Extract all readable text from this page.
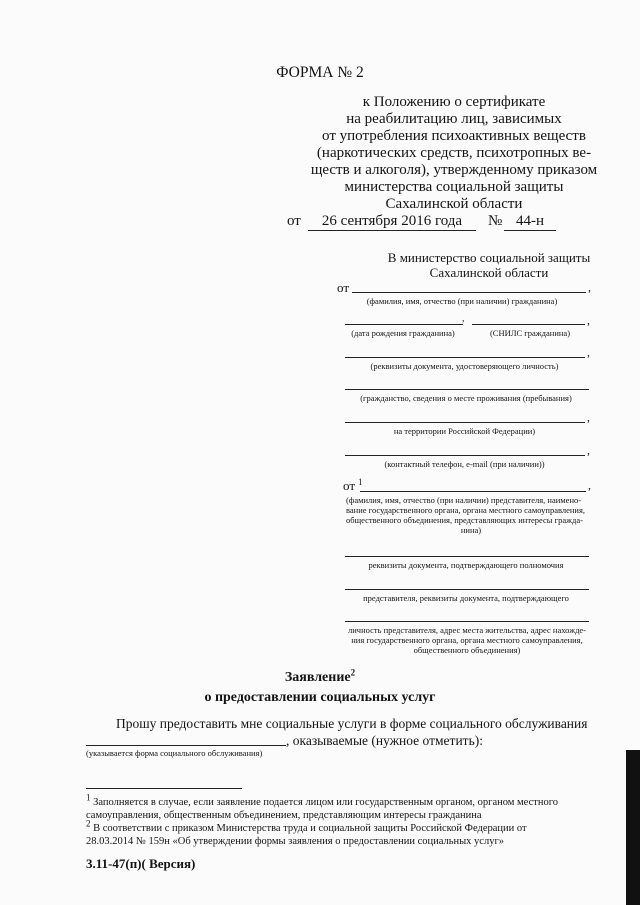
ФОРМА № 2
к Положению о сертификате
на реабилитацию лиц, зависимых
от употребления психоактивных веществ
(наркотических средств, психотропных ве-
ществ и алкоголя), утвержденному приказом
министерства социальной защиты
Сахалинской области
от	26 сентября 2016 года	№ 44-н
В министерство социальной защиты
Сахалинской области
от	,
(фамилия, имя, отчество (при наличии) гражданина)
,	,
(дата рождения гражданина)	(СНИЛС гражданина)
,
(реквизиты документа, удостоверяющего личность)
(гражданство, сведения о месте проживания (пребывания)
,
на территории Российской Федерации)
,
(контактный телефон, e-mail (при наличии))
от $^1$	,
(фамилия, имя, отчество (при наличии) представителя, наимено-
вание государственного органа, органа местного самоуправления,
общественного объединения, представляющих интересы гражда-
нина)
реквизиты документа, подтверждающего полномочия
представителя, реквизиты документа, подтверждающего
личность представителя, адрес места жительства, адрес нахожде-
ния государственного органа, органа местного самоуправления,
общественного объединения)
Заявление$^2$
о предоставлении социальных услуг
Прошу предоставить мне социальные услуги в форме социального обслуживания
, оказываемые (нужное отметить):
(указывается форма социального обслуживания)
1 Заполняется в случае, если заявление подается лицом или государственным органом, органом местного
самоуправления, общественным объединением, представляющим интересы гражданина
2 В соответствии с приказом Министерства труда и социальной защиты Российской Федерации от
28.03.2014 № 159н «Об утверждении формы заявления о предоставлении социальных услуг»
3.11-47(п)( Версия)
